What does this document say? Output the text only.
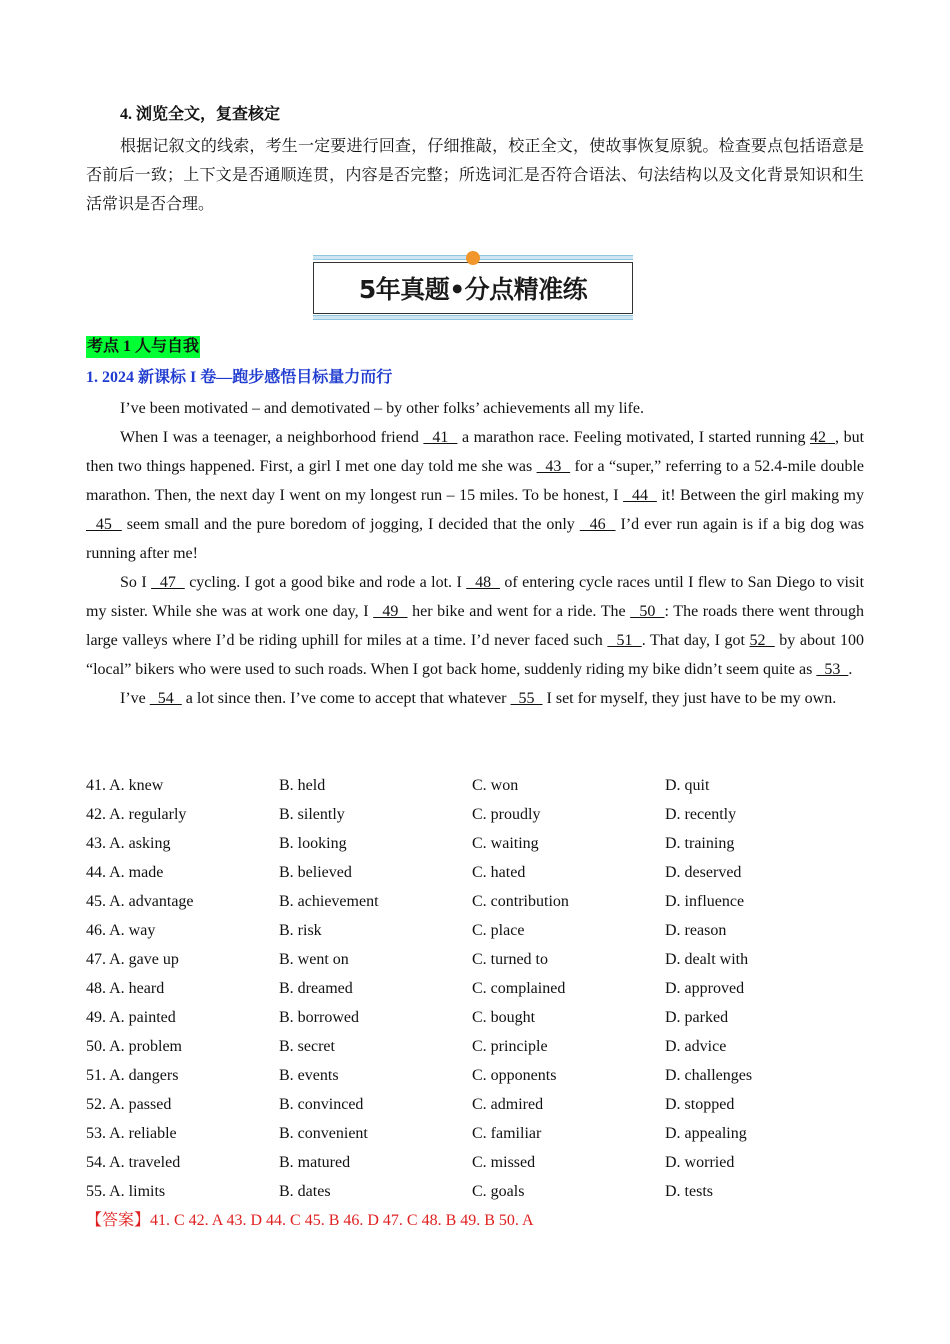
4. 浏览全文，复查核定
根据记叙文的线索，考生一定要进行回查，仔细推敲，校正全文，使故事恢复原貌。检查要点包括语意是否前后一致；上下文是否通顺连贯，内容是否完整；所选词汇是否符合语法、句法结构以及文化背景知识和生活常识是否合理。
5年真题•分点精准练
考点 1 人与自我
1. 2024 新课标 I 卷—跑步感悟目标量力而行

I’ve been motivated – and demotivated – by other folks’ achievements all my life.

When I was a teenager, a neighborhood friend   41   a marathon race. Feeling motivated, I started running 42  , but then two things happened. First, a girl I met one day told me she was   43   for a “super,” referring to a 52.4-mile double marathon. Then, the next day I went on my longest run – 15 miles. To be honest, I   44   it! Between the girl making my   45   seem small and the pure boredom of jogging, I decided that the only   46   I’d ever run again is if a big dog was running after me!

So I   47   cycling. I got a good bike and rode a lot. I   48   of entering cycle races until I flew to San Diego to visit my sister. While she was at work one day, I   49   her bike and went for a ride. The   50  : The roads there went through large valleys where I’d be riding uphill for miles at a time. I’d never faced such   51  . That day, I got 52   by about 100 “local” bikers who were used to such roads. When I got back home, suddenly riding my bike didn’t seem quite as   53  .

I’ve   54   a lot since then. I’ve come to accept that whatever   55   I set for myself, they just have to be my own.

41. A. knew	B. held	C. won	D. quit
42. A. regularly	B. silently	C. proudly	D. recently
43. A. asking	B. looking	C. waiting	D. training
44. A. made	B. believed	C. hated	D. deserved
45. A. advantage	B. achievement	C. contribution	D. influence
46. A. way	B. risk	C. place	D. reason
47. A. gave up	B. went on	C. turned to	D. dealt with
48. A. heard	B. dreamed	C. complained	D. approved
49. A. painted	B. borrowed	C. bought	D. parked
50. A. problem	B. secret	C. principle	D. advice
51. A. dangers	B. events	C. opponents	D. challenges
52. A. passed	B. convinced	C. admired	D. stopped
53. A. reliable	B. convenient	C. familiar	D. appealing
54. A. traveled	B. matured	C. missed	D. worried
55. A. limits	B. dates	C. goals	D. tests
【答案】41. C 42. A 43. D 44. C 45. B 46. D 47. C 48. B 49. B 50. A
